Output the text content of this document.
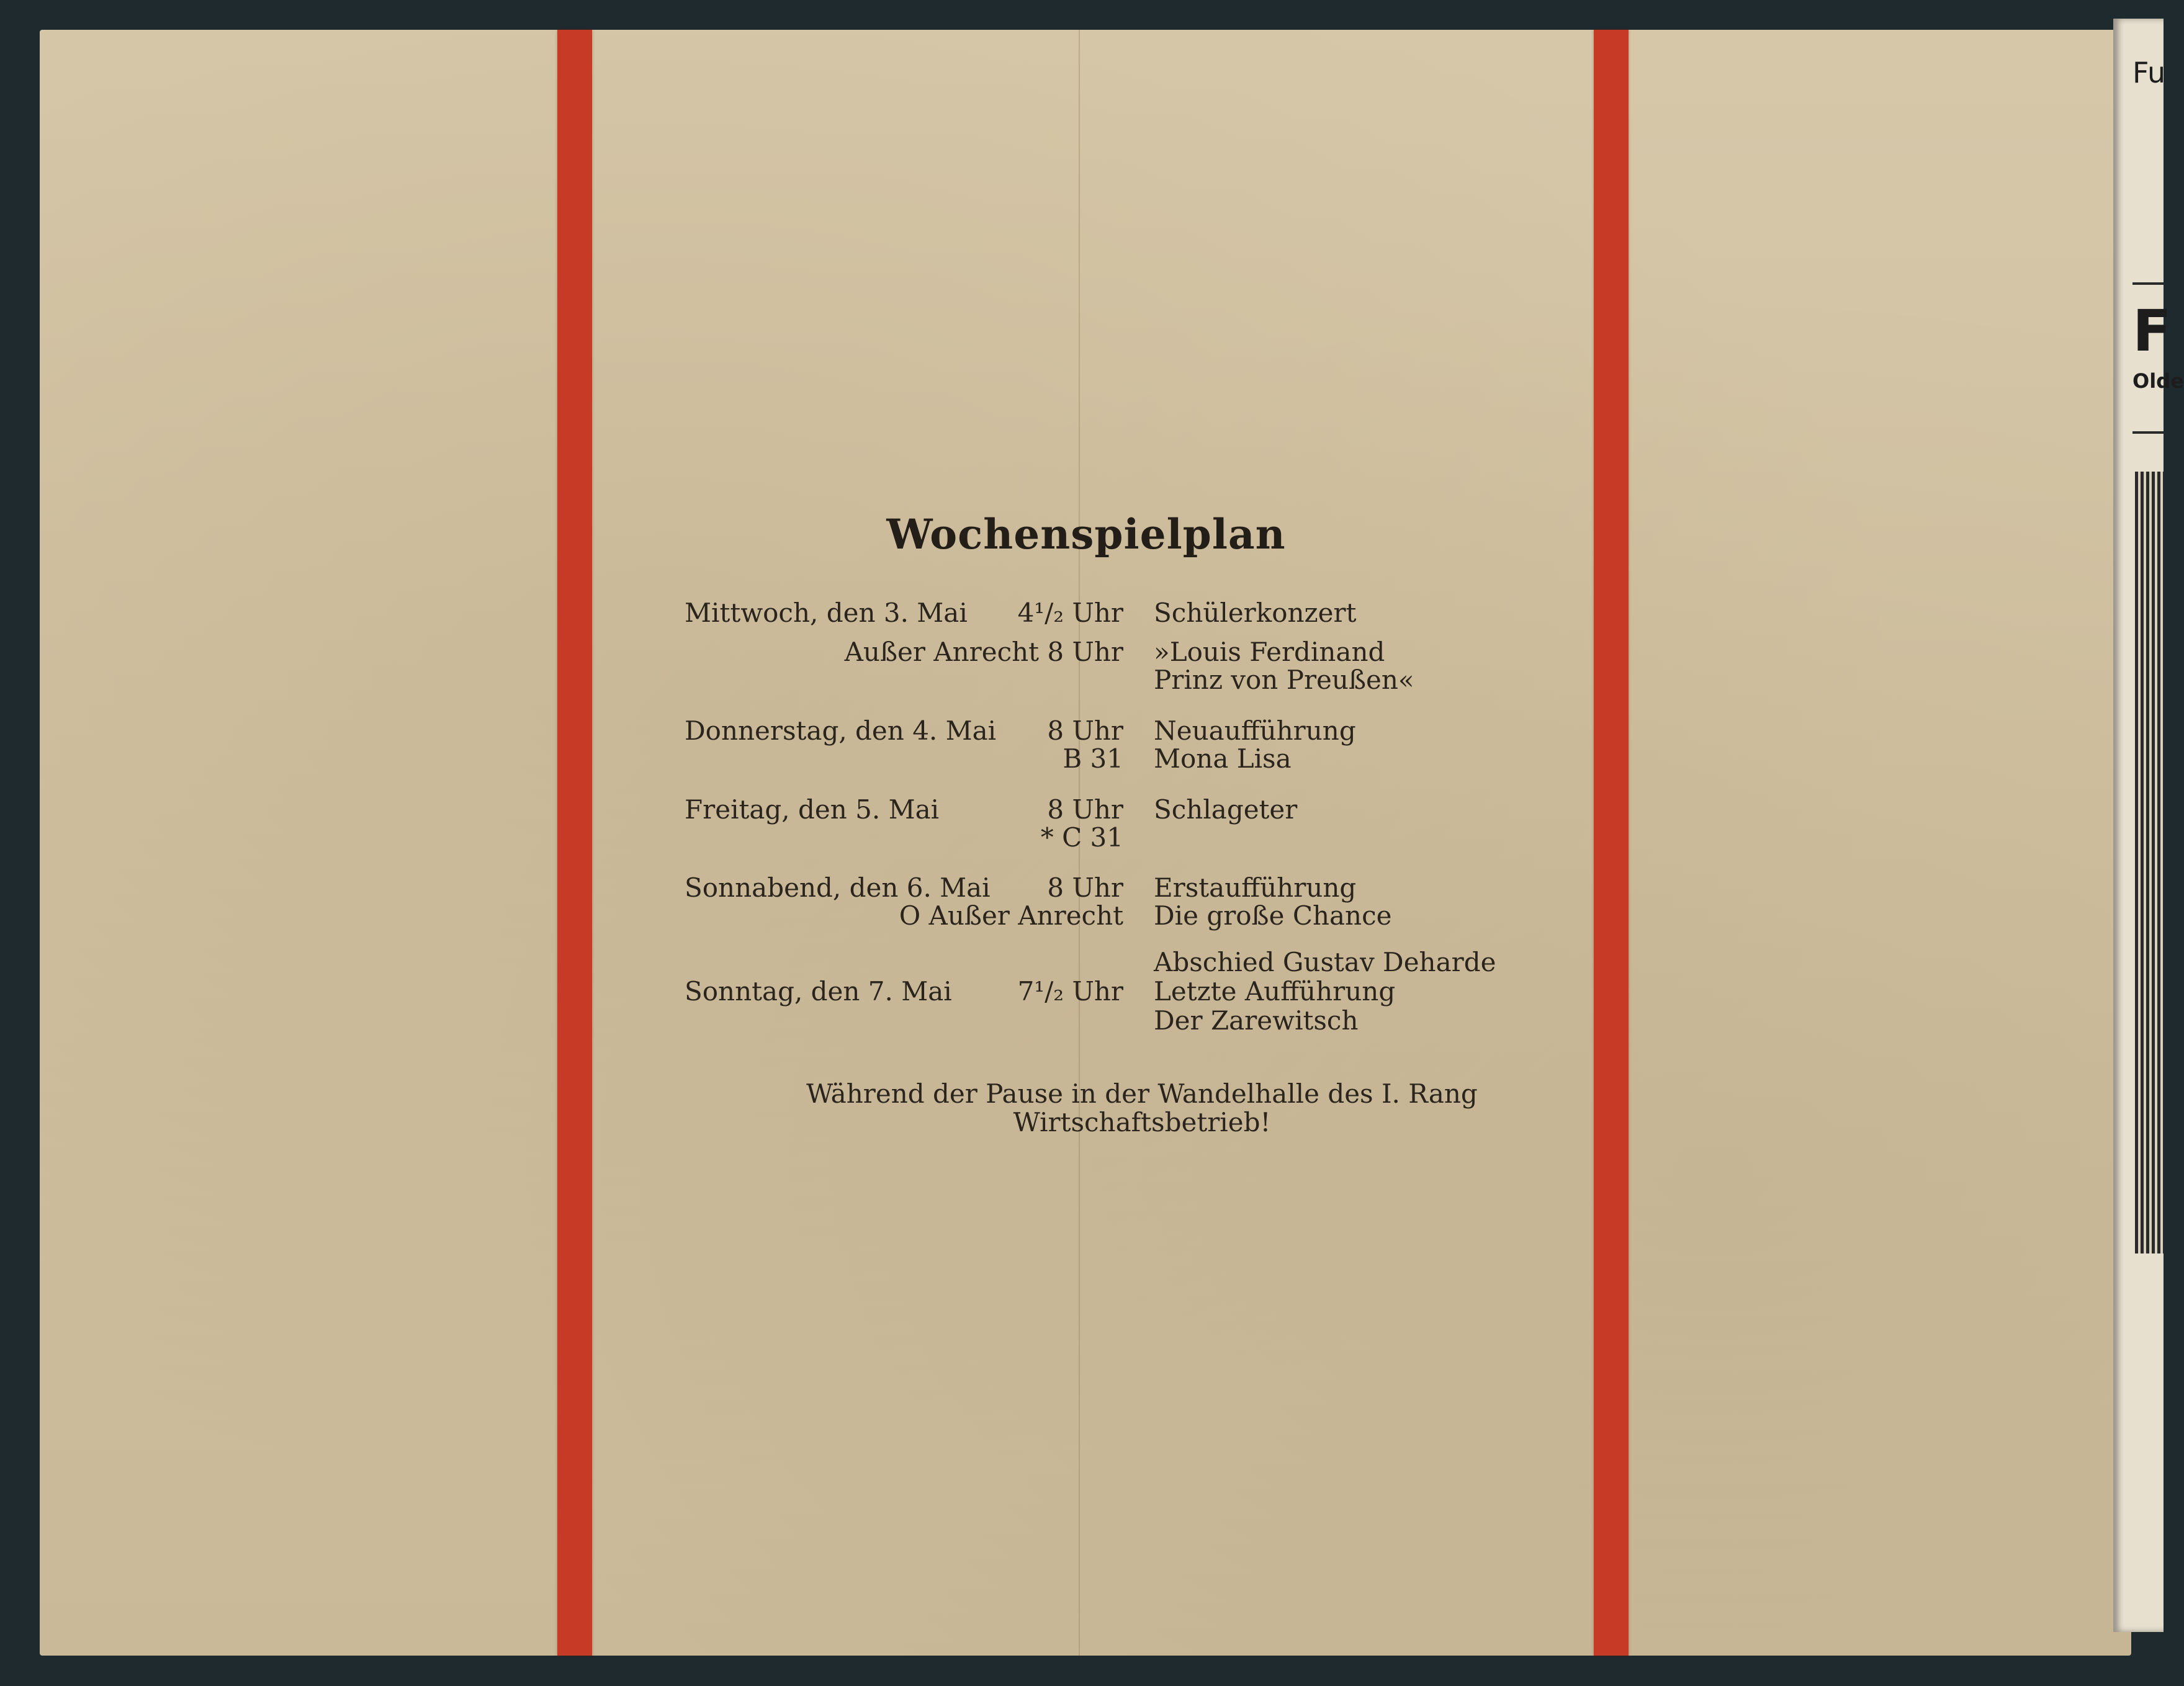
Fu
F
Olde
Wochenspielplan
Mittwoch, den 3. Mai 4¹/₂ Uhr Schülerkonzert
Außer Anrecht 8 Uhr »Louis Ferdinand
Prinz von Preußen«
Donnerstag, den 4. Mai 8 Uhr
B 31
Neuaufführung
Mona Lisa
Freitag, den 5. Mai	8 Uhr
* C 31
Schlageter
Sonnabend, den 6. Mai 8 Uhr
O Außer Anrecht
Erstaufführung
Die große Chance
Abschied Gustav Deharde
Sonntag, den 7. Mai	7¹/₂ Uhr Letzte Aufführung
Der Zarewitsch
Während der Pause in der Wandelhalle des I. Rang
Wirtschaftsbetrieb!
